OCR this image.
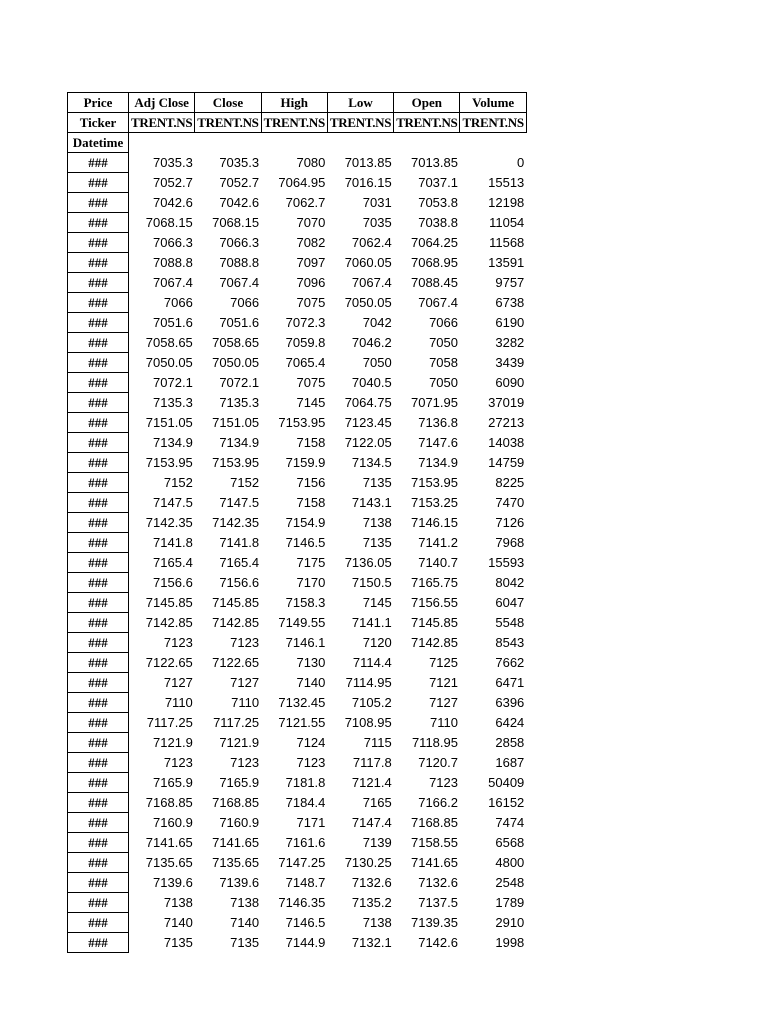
Price	Adj Close	Close	High	Low	Open	Volume
Ticker	TRENT.NS	TRENT.NS	TRENT.NS	TRENT.NS	TRENT.NS	TRENT.NS
Datetime						
###	7035.3	7035.3	7080	7013.85	7013.85	0
###	7052.7	7052.7	7064.95	7016.15	7037.1	15513
###	7042.6	7042.6	7062.7	7031	7053.8	12198
###	7068.15	7068.15	7070	7035	7038.8	11054
###	7066.3	7066.3	7082	7062.4	7064.25	11568
###	7088.8	7088.8	7097	7060.05	7068.95	13591
###	7067.4	7067.4	7096	7067.4	7088.45	9757
###	7066	7066	7075	7050.05	7067.4	6738
###	7051.6	7051.6	7072.3	7042	7066	6190
###	7058.65	7058.65	7059.8	7046.2	7050	3282
###	7050.05	7050.05	7065.4	7050	7058	3439
###	7072.1	7072.1	7075	7040.5	7050	6090
###	7135.3	7135.3	7145	7064.75	7071.95	37019
###	7151.05	7151.05	7153.95	7123.45	7136.8	27213
###	7134.9	7134.9	7158	7122.05	7147.6	14038
###	7153.95	7153.95	7159.9	7134.5	7134.9	14759
###	7152	7152	7156	7135	7153.95	8225
###	7147.5	7147.5	7158	7143.1	7153.25	7470
###	7142.35	7142.35	7154.9	7138	7146.15	7126
###	7141.8	7141.8	7146.5	7135	7141.2	7968
###	7165.4	7165.4	7175	7136.05	7140.7	15593
###	7156.6	7156.6	7170	7150.5	7165.75	8042
###	7145.85	7145.85	7158.3	7145	7156.55	6047
###	7142.85	7142.85	7149.55	7141.1	7145.85	5548
###	7123	7123	7146.1	7120	7142.85	8543
###	7122.65	7122.65	7130	7114.4	7125	7662
###	7127	7127	7140	7114.95	7121	6471
###	7110	7110	7132.45	7105.2	7127	6396
###	7117.25	7117.25	7121.55	7108.95	7110	6424
###	7121.9	7121.9	7124	7115	7118.95	2858
###	7123	7123	7123	7117.8	7120.7	1687
###	7165.9	7165.9	7181.8	7121.4	7123	50409
###	7168.85	7168.85	7184.4	7165	7166.2	16152
###	7160.9	7160.9	7171	7147.4	7168.85	7474
###	7141.65	7141.65	7161.6	7139	7158.55	6568
###	7135.65	7135.65	7147.25	7130.25	7141.65	4800
###	7139.6	7139.6	7148.7	7132.6	7132.6	2548
###	7138	7138	7146.35	7135.2	7137.5	1789
###	7140	7140	7146.5	7138	7139.35	2910
###	7135	7135	7144.9	7132.1	7142.6	1998
